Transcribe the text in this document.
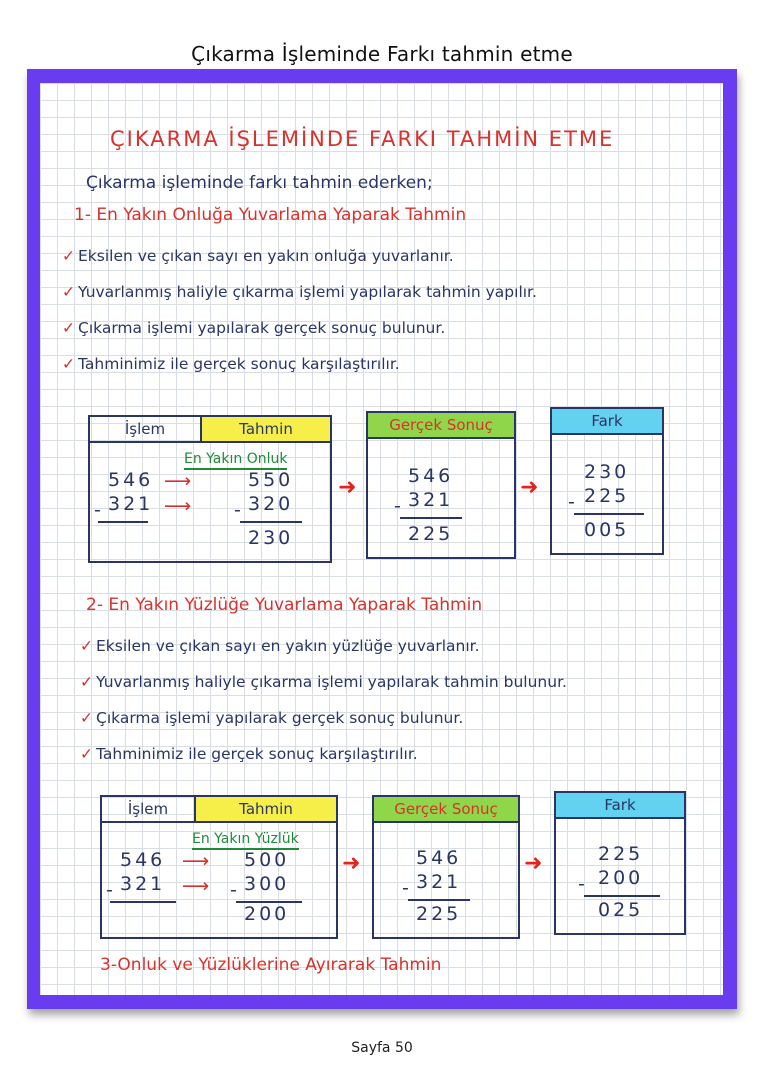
Çıkarma İşleminde Farkı tahmin etme
ÇIKARMA İŞLEMİNDE FARKI TAHMİN ETME
Çıkarma işleminde farkı tahmin ederken;
1- En Yakın Onluğa Yuvarlama Yaparak Tahmin
✓ Eksilen ve çıkan sayı en yakın onluğa yuvarlanır.
✓ Yuvarlanmış haliyle çıkarma işlemi yapılarak tahmin yapılır.
✓ Çıkarma işlemi yapılarak gerçek sonuç bulunur.
✓ Tahminimiz ile gerçek sonuç karşılaştırılır.
İşlem	Tahmin
En Yakın Onluk
546
321
-
⟶
⟶
550
320
-
230
➜
Gerçek Sonuç
546
321
-
225
➜
Fark
230
225
-
005
2- En Yakın Yüzlüğe Yuvarlama Yaparak Tahmin
✓ Eksilen ve çıkan sayı en yakın yüzlüğe yuvarlanır.
✓ Yuvarlanmış haliyle çıkarma işlemi yapılarak tahmin bulunur.
✓ Çıkarma işlemi yapılarak gerçek sonuç bulunur.
✓ Tahminimiz ile gerçek sonuç karşılaştırılır.
İşlem	Tahmin
En Yakın Yüzlük
546
321
-
⟶
⟶
500
300
-
200
➜
Gerçek Sonuç
546
321
-
225
➜
Fark
225
200
-
025
3-Onluk ve Yüzlüklerine Ayırarak Tahmin
Sayfa 50
